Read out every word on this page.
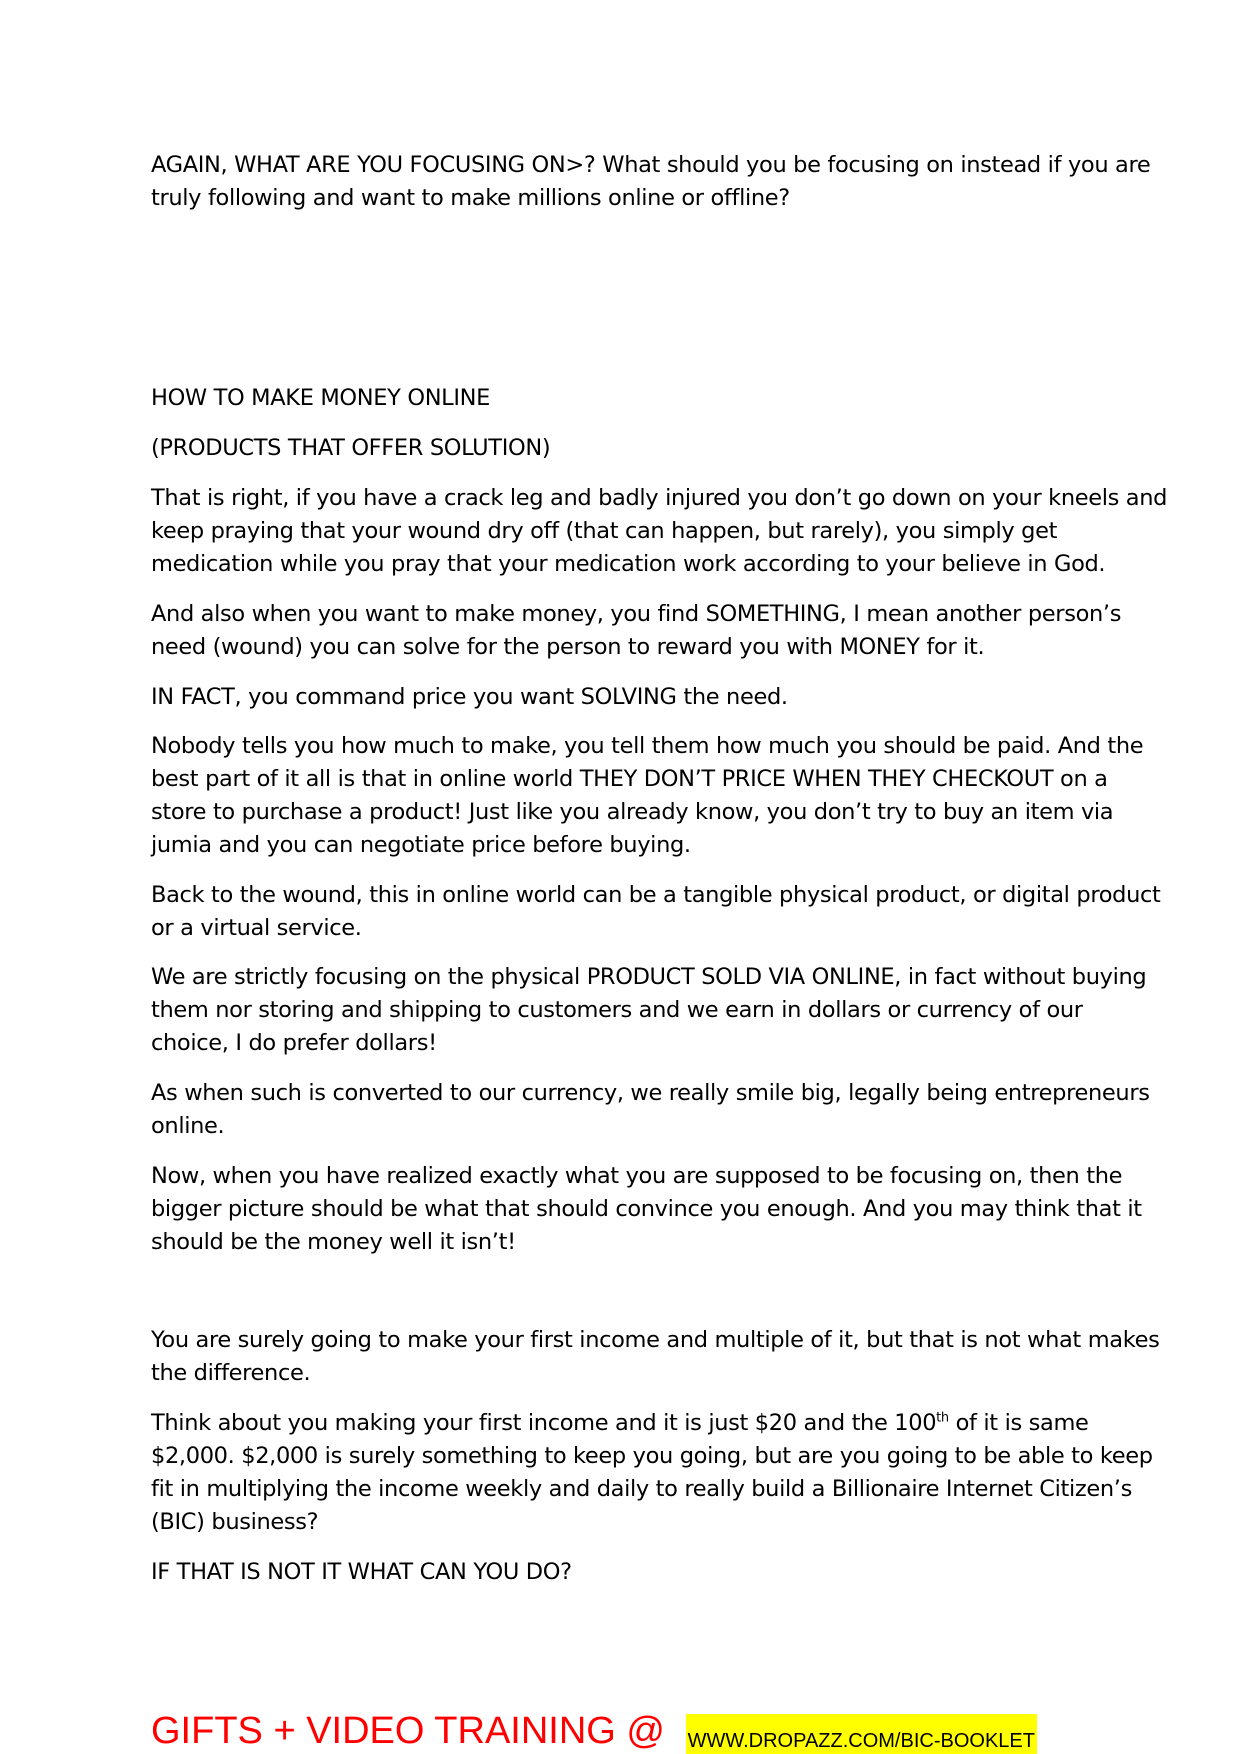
AGAIN, WHAT ARE YOU FOCUSING ON>? What should you be focusing on instead if you are
truly following and want to make millions online or offline?

HOW TO MAKE MONEY ONLINE

(PRODUCTS THAT OFFER SOLUTION)

That is right, if you have a crack leg and badly injured you don’t go down on your kneels and
keep praying that your wound dry off (that can happen, but rarely), you simply get
medication while you pray that your medication work according to your believe in God.

And also when you want to make money, you find SOMETHING, I mean another person’s
need (wound) you can solve for the person to reward you with MONEY for it.

IN FACT, you command price you want SOLVING the need.

Nobody tells you how much to make, you tell them how much you should be paid. And the
best part of it all is that in online world THEY DON’T PRICE WHEN THEY CHECKOUT on a
store to purchase a product! Just like you already know, you don’t try to buy an item via
jumia and you can negotiate price before buying.

Back to the wound, this in online world can be a tangible physical product, or digital product
or a virtual service.

We are strictly focusing on the physical PRODUCT SOLD VIA ONLINE, in fact without buying
them nor storing and shipping to customers and we earn in dollars or currency of our
choice, I do prefer dollars!

As when such is converted to our currency, we really smile big, legally being entrepreneurs
online.

Now, when you have realized exactly what you are supposed to be focusing on, then the
bigger picture should be what that should convince you enough. And you may think that it
should be the money well it isn’t!

You are surely going to make your first income and multiple of it, but that is not what makes
the difference.

Think about you making your first income and it is just $20 and the 100th of it is same
$2,000. $2,000 is surely something to keep you going, but are you going to be able to keep
fit in multiplying the income weekly and daily to really build a Billionaire Internet Citizen’s
(BIC) business?

IF THAT IS NOT IT WHAT CAN YOU DO?

GIFTS + VIDEO TRAINING @ WWW.DROPAZZ.COM/BIC-BOOKLET
